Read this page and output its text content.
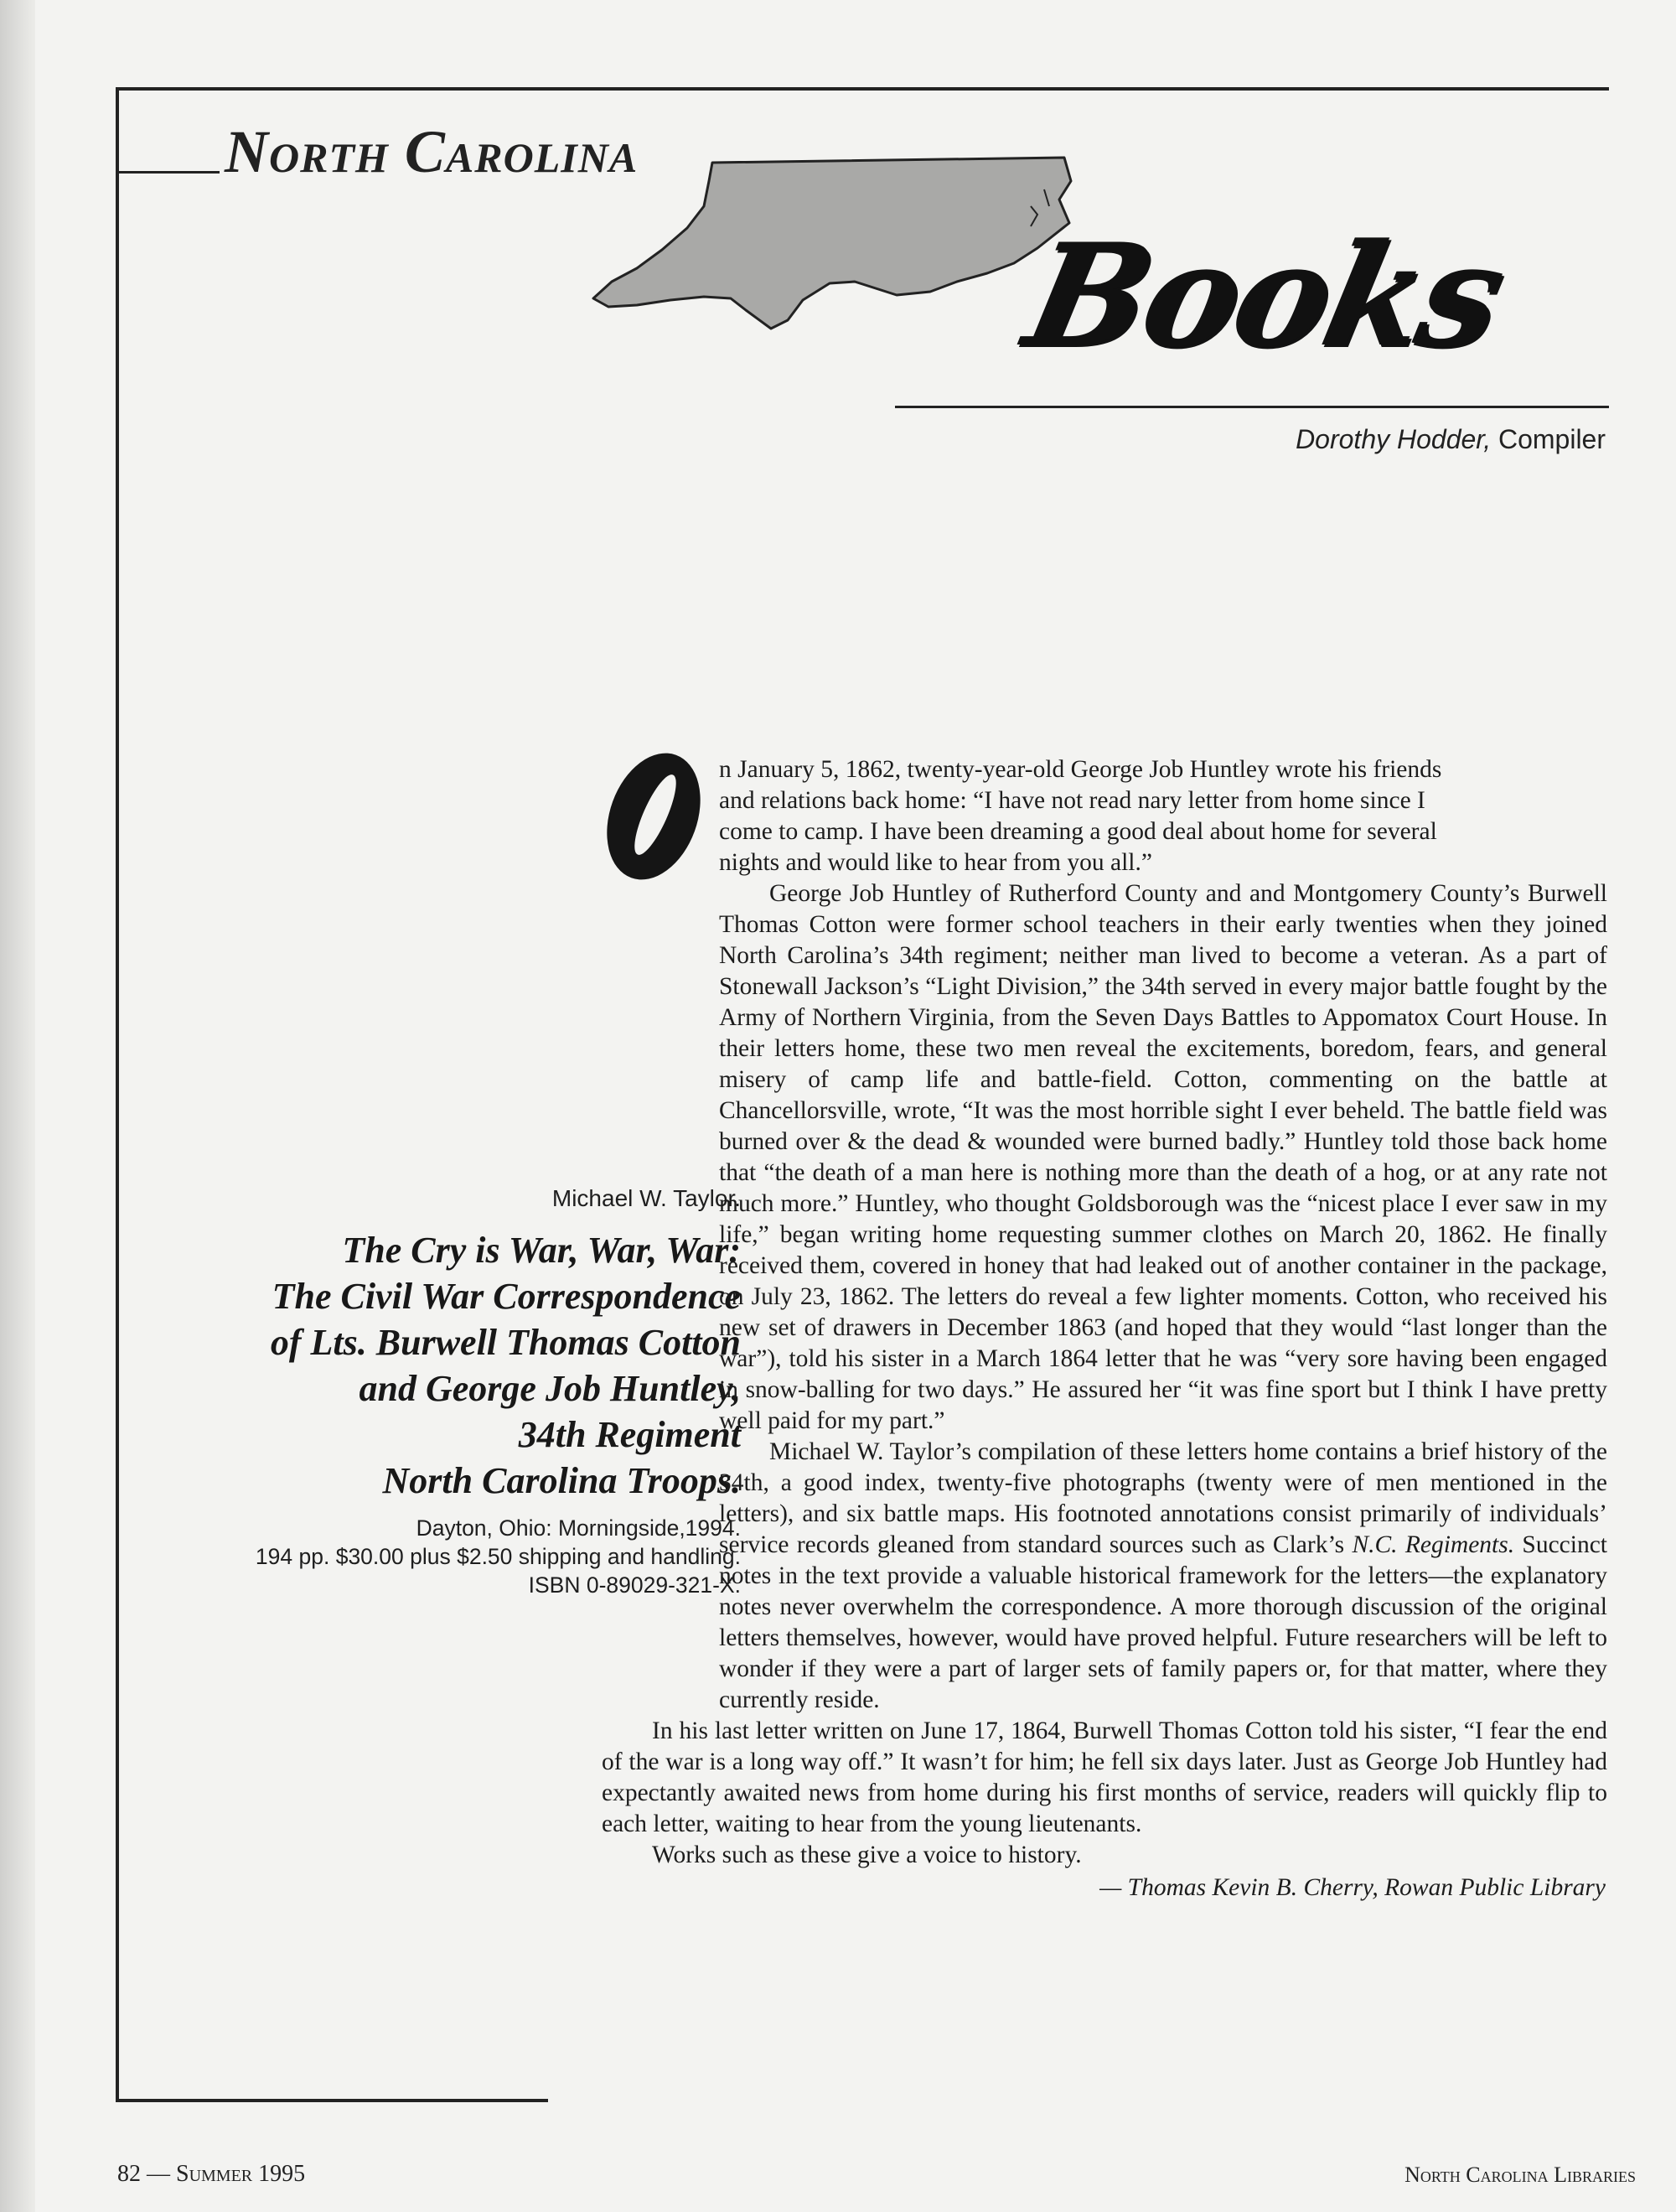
North Carolina
Books
Dorothy Hodder, Compiler
O
Michael W. Taylor.
The Cry is War, War, War:
The Civil War Correspondence
of Lts. Burwell Thomas Cotton
and George Job Huntley,
34th Regiment
North Carolina Troops.
Dayton, Ohio: Morningside,1994.
194 pp. $30.00 plus $2.50 shipping and handling.
ISBN 0-89029-321-X.

n January 5, 1862, twenty-year-old George Job Huntley wrote his friends
and relations back home: “I have not read nary letter from home since I
come to camp. I have been dreaming a good deal about home for several
nights and would like to hear from you all.”

George Job Huntley of Rutherford County and and Montgomery County’s Burwell Thomas Cotton were former school teachers in their early twenties when they joined North Carolina’s 34th regiment; neither man lived to become a veteran. As a part of Stonewall Jackson’s “Light Division,” the 34th served in every major battle fought by the Army of Northern Virginia, from the Seven Days Battles to Appomatox Court House. In their letters home, these two men reveal the excitements, boredom, fears, and general misery of camp life and battle-field. Cotton, commenting on the battle at Chancellorsville, wrote, “It was the most horrible sight I ever beheld. The battle field was burned over & the dead & wounded were burned badly.” Huntley told those back home that “the death of a man here is nothing more than the death of a hog, or at any rate not much more.” Huntley, who thought Goldsborough was the “nicest place I ever saw in my life,” began writing home requesting summer clothes on March 20, 1862. He finally received them, covered in honey that had leaked out of another container in the package, on July 23, 1862. The letters do reveal a few lighter moments. Cotton, who received his new set of drawers in December 1863 (and hoped that they would “last longer than the war”), told his sister in a March 1864 letter that he was “very sore having been engaged in snow-balling for two days.” He assured her “it was fine sport but I think I have pretty well paid for my part.”

Michael W. Taylor’s compilation of these letters home contains a brief history of the 34th, a good index, twenty-five photographs (twenty were of men mentioned in the letters), and six battle maps. His footnoted annotations consist primarily of individuals’ service records gleaned from standard sources such as Clark’s N.C. Regiments. Succinct notes in the text provide a valuable historical framework for the letters—the explanatory notes never overwhelm the correspondence. A more thorough discussion of the original letters themselves, however, would have proved helpful. Future researchers will be left to wonder if they were a part of larger sets of family papers or, for that matter, where they currently reside.

In his last letter written on June 17, 1864, Burwell Thomas Cotton told his sister, “I fear the end of the war is a long way off.” It wasn’t for him; he fell six days later. Just as George Job Huntley had expectantly awaited news from home during his first months of service, readers will quickly flip to each letter, waiting to hear from the young lieutenants.

Works such as these give a voice to history.

— Thomas Kevin B. Cherry, Rowan Public Library

82 — Summer 1995	North Carolina Libraries
